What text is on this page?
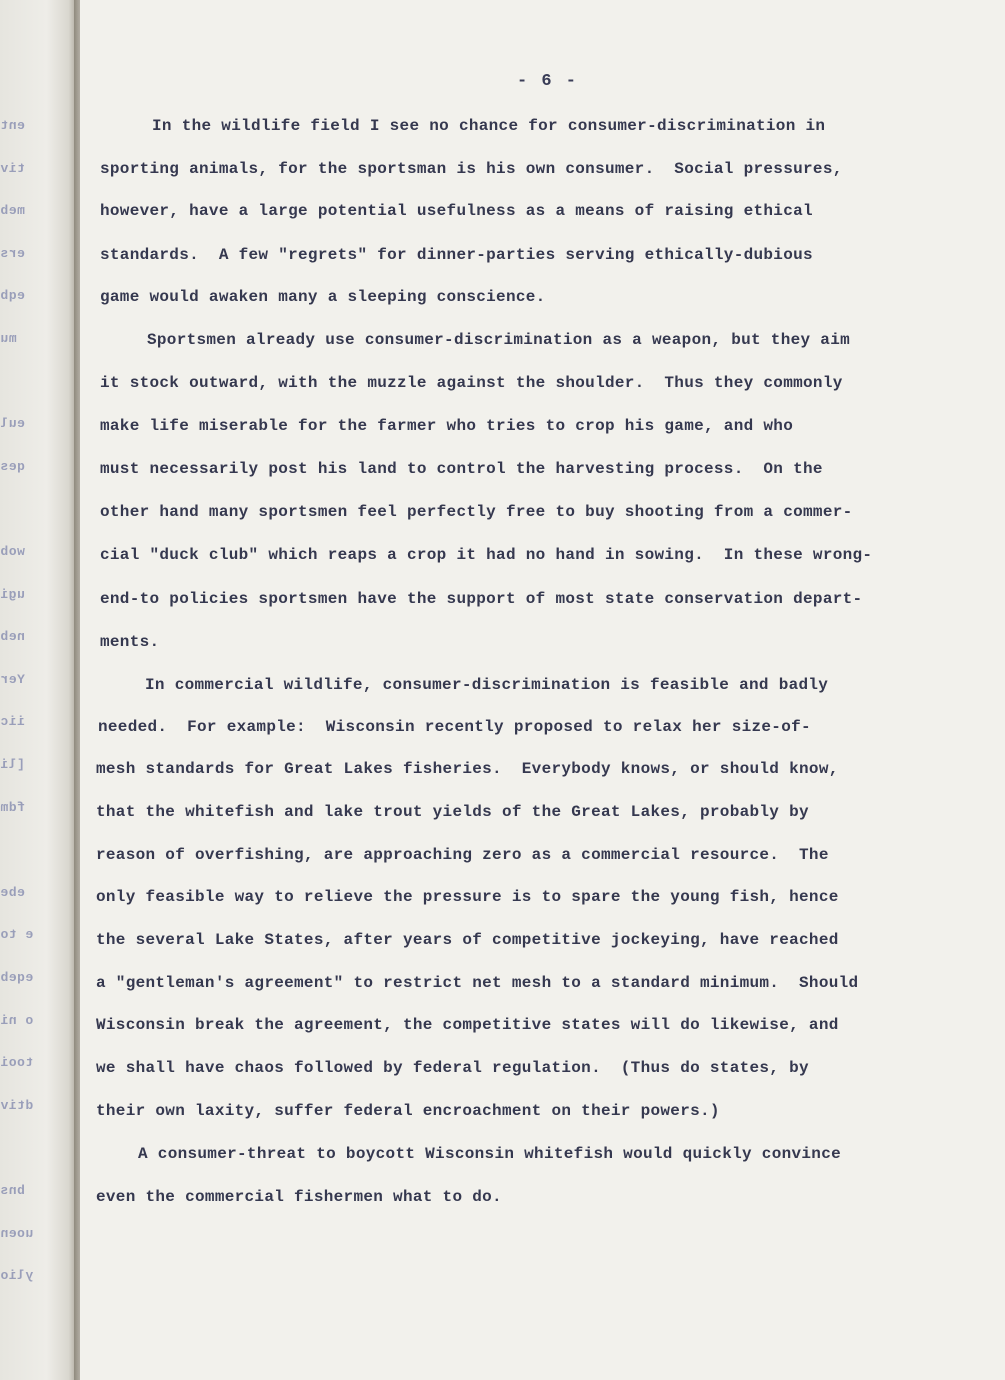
ent
tiv
meb
ers
eqb
mu
eul
qes
wob
ugi
neb
Yer
iic
[li
fdm
ebe
e to
eqeb
o ni
tooi
dtiv
bns
uoen
ylio
- 6 -
In the wildlife field I see no chance for consumer-discrimination in
sporting animals, for the sportsman is his own consumer.  Social pressures,
however, have a large potential usefulness as a means of raising ethical
standards.  A few "regrets" for dinner-parties serving ethically-dubious
game would awaken many a sleeping conscience.
Sportsmen already use consumer-discrimination as a weapon, but they aim
it stock outward, with the muzzle against the shoulder.  Thus they commonly
make life miserable for the farmer who tries to crop his game, and who
must necessarily post his land to control the harvesting process.  On the
other hand many sportsmen feel perfectly free to buy shooting from a commer-
cial "duck club" which reaps a crop it had no hand in sowing.  In these wrong-
end-to policies sportsmen have the support of most state conservation depart-
ments.
In commercial wildlife, consumer-discrimination is feasible and badly
needed.  For example:  Wisconsin recently proposed to relax her size-of-
mesh standards for Great Lakes fisheries.  Everybody knows, or should know,
that the whitefish and lake trout yields of the Great Lakes, probably by
reason of overfishing, are approaching zero as a commercial resource.  The
only feasible way to relieve the pressure is to spare the young fish, hence
the several Lake States, after years of competitive jockeying, have reached
a "gentleman's agreement" to restrict net mesh to a standard minimum.  Should
Wisconsin break the agreement, the competitive states will do likewise, and
we shall have chaos followed by federal regulation.  (Thus do states, by
their own laxity, suffer federal encroachment on their powers.)
A consumer-threat to boycott Wisconsin whitefish would quickly convince
even the commercial fishermen what to do.
